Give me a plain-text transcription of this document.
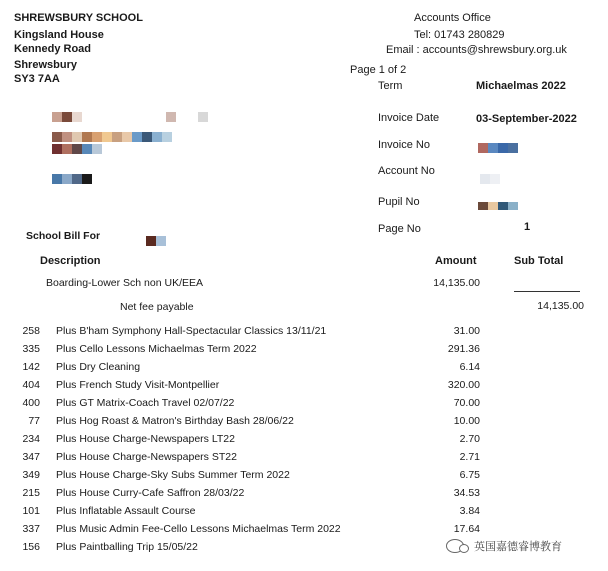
SHREWSBURY SCHOOL
Kingsland House
Kennedy Road
Shrewsbury
SY3 7AA
Accounts Office
Tel: 01743 280829
Email : accounts@shrewsbury.org.uk
Page 1 of 2
Term	Michaelmas 2022
Invoice Date	03-September-2022
Invoice No
Account No
Pupil No
Page No	1
School Bill For
Description	Amount	Sub Total
Boarding-Lower Sch non UK/EEA	14,135.00
Net fee payable	14,135.00
258 Plus B'ham Symphony Hall-Spectacular Classics 13/11/21	31.00
335 Plus Cello Lessons Michaelmas Term 2022	291.36
142 Plus Dry Cleaning	6.14
404 Plus French Study Visit-Montpellier	320.00
400 Plus GT Matrix-Coach Travel 02/07/22	70.00
77 Plus Hog Roast & Matron's Birthday Bash 28/06/22	10.00
234 Plus House Charge-Newspapers LT22	2.70
347 Plus House Charge-Newspapers ST22	2.71
349 Plus House Charge-Sky Subs Summer Term 2022	6.75
215 Plus House Curry-Cafe Saffron 28/03/22	34.53
101 Plus Inflatable Assault Course	3.84
337 Plus Music Admin Fee-Cello Lessons Michaelmas Term 2022	17.64
156 Plus Paintballing Trip 15/05/22	英国嘉德睿博教育
